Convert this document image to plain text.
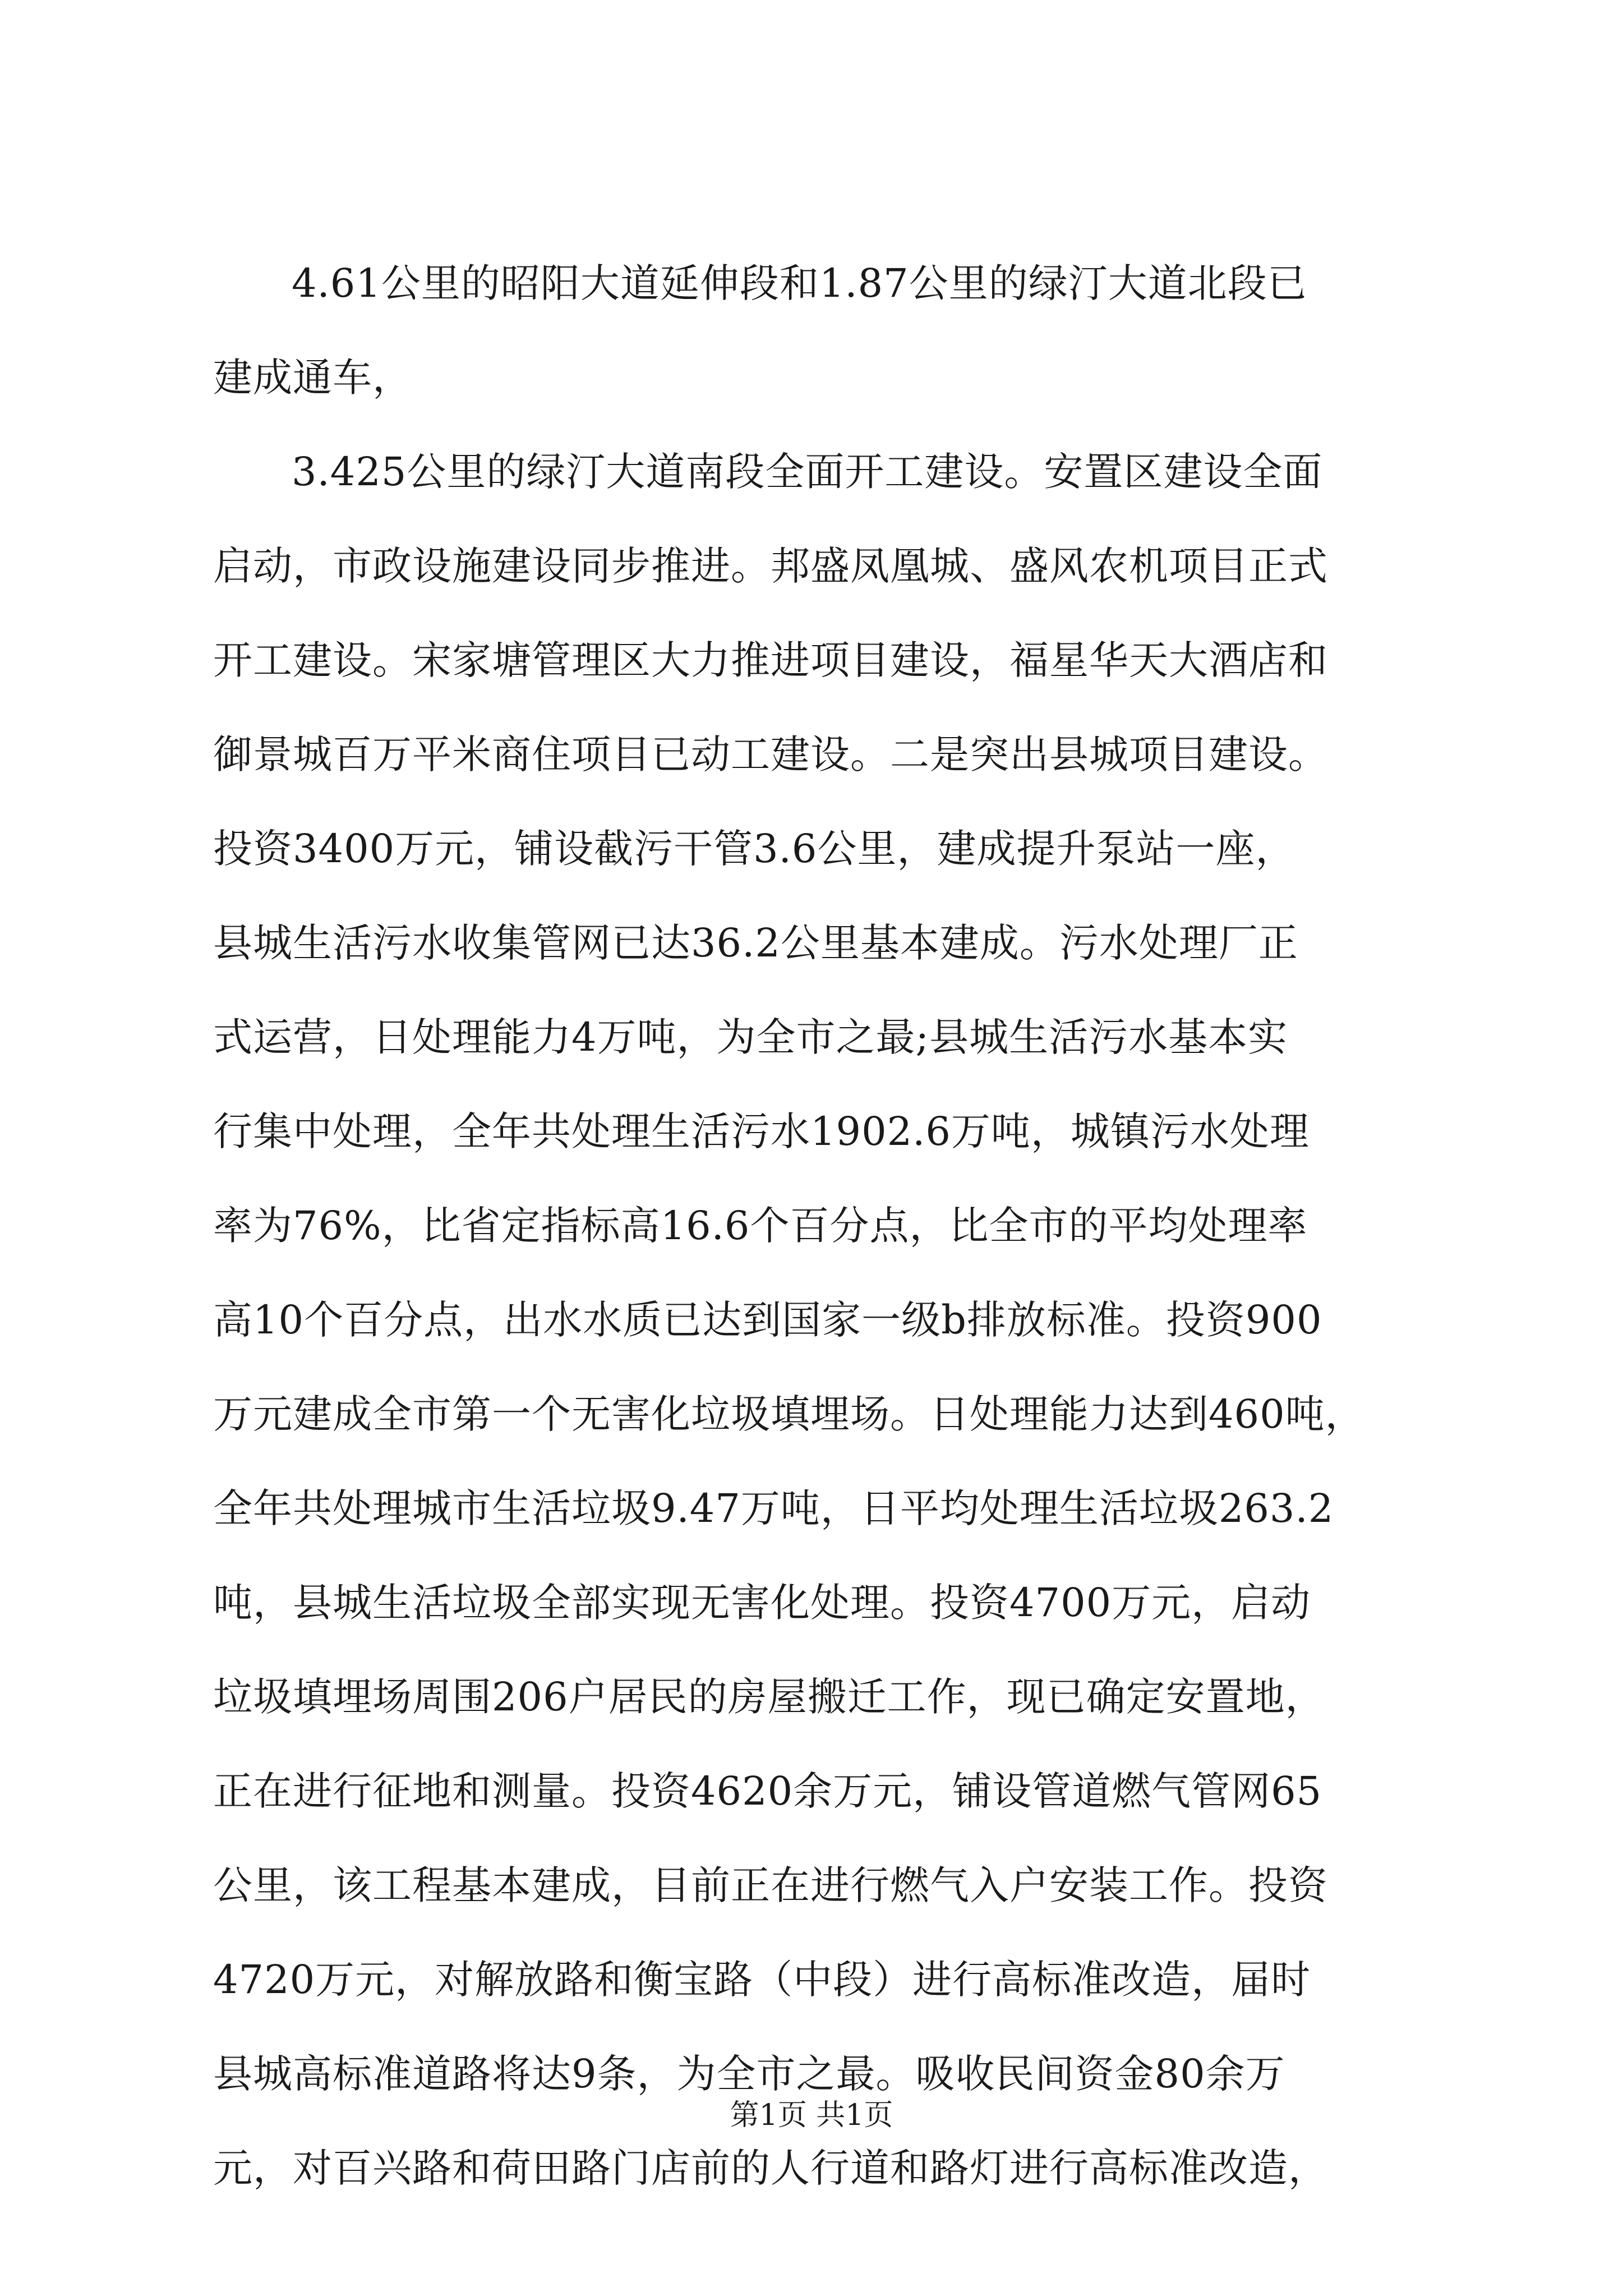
4.61公里的昭阳大道延伸段和1.87公里的绿汀大道北段已
建成通车，
3.425公里的绿汀大道南段全面开工建设。安置区建设全面
启动，市政设施建设同步推进。邦盛凤凰城、盛风农机项目正式
开工建设。宋家塘管理区大力推进项目建设，福星华天大酒店和
御景城百万平米商住项目已动工建设。二是突出县城项目建设。
投资3400万元，铺设截污干管3.6公里，建成提升泵站一座，
县城生活污水收集管网已达36.2公里基本建成。污水处理厂正
式运营，日处理能力4万吨，为全市之最;县城生活污水基本实
行集中处理，全年共处理生活污水1902.6万吨，城镇污水处理
率为76%，比省定指标高16.6个百分点，比全市的平均处理率
高10个百分点，出水水质已达到国家一级b排放标准。投资900
万元建成全市第一个无害化垃圾填埋场。日处理能力达到460吨，
全年共处理城市生活垃圾9.47万吨，日平均处理生活垃圾263.2
吨，县城生活垃圾全部实现无害化处理。投资4700万元，启动
垃圾填埋场周围206户居民的房屋搬迁工作，现已确定安置地，
正在进行征地和测量。投资4620余万元，铺设管道燃气管网65
公里，该工程基本建成，目前正在进行燃气入户安装工作。投资
4720万元，对解放路和衡宝路（中段）进行高标准改造，届时
县城高标准道路将达9条，为全市之最。吸收民间资金80余万
元，对百兴路和荷田路门店前的人行道和路灯进行高标准改造，
第1页 共1页
